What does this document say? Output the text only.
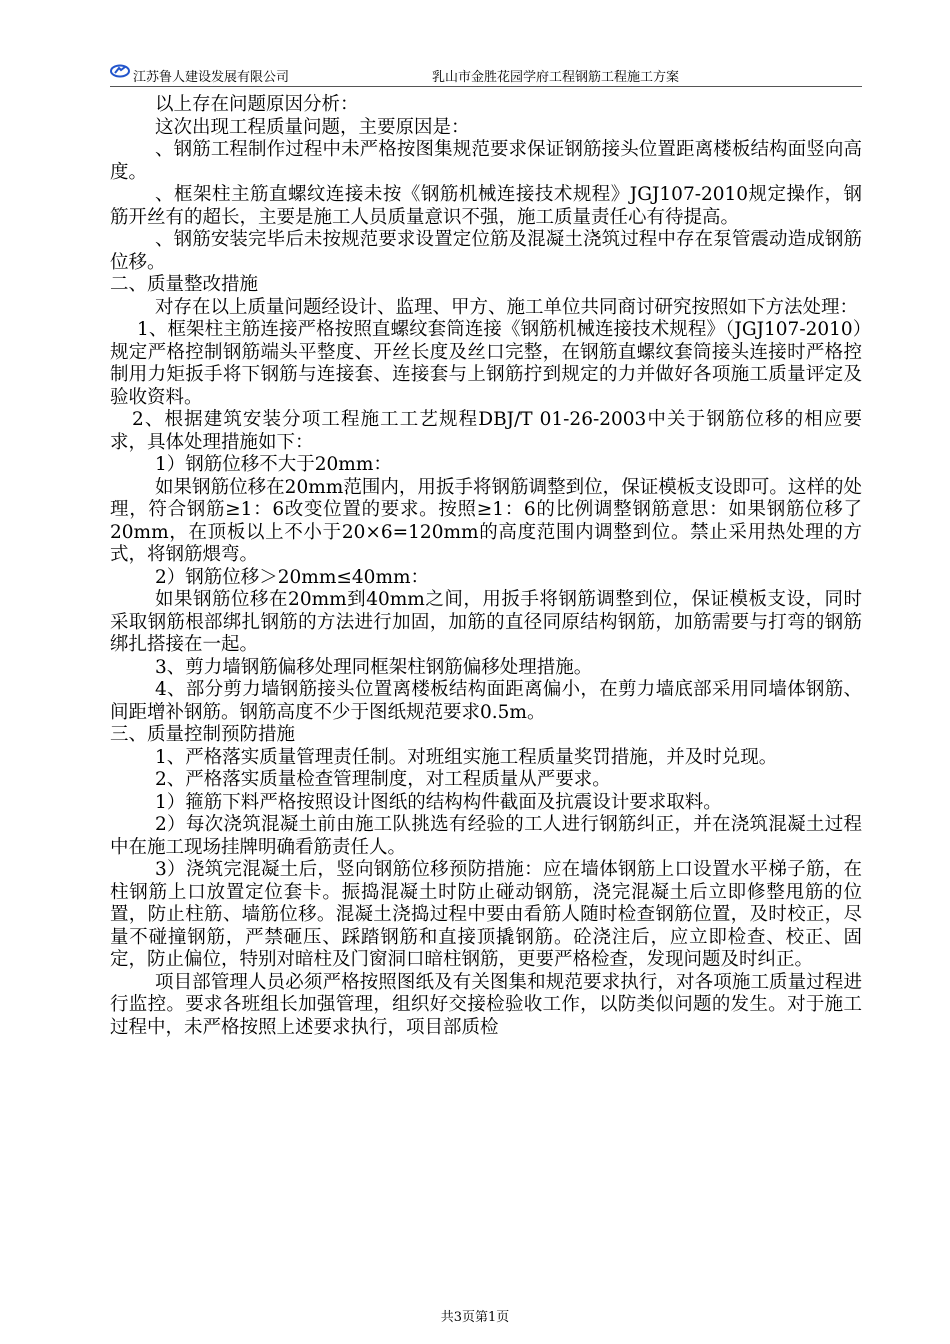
江苏鲁人建设发展有限公司	乳山市金胜花园学府工程钢筋工程施工方案

以上存在问题原因分析：

这次出现工程质量问题，主要原因是：

、钢筋工程制作过程中未严格按图集规范要求保证钢筋接头位置距离楼板结构面竖向高度。

、框架柱主筋直螺纹连接未按《钢筋机械连接技术规程》JGJ107-2010规定操作，钢筋开丝有的超长，主要是施工人员质量意识不强，施工质量责任心有待提高。

、钢筋安装完毕后未按规范要求设置定位筋及混凝土浇筑过程中存在泵管震动造成钢筋位移。

二、质量整改措施

对存在以上质量问题经设计、监理、甲方、施工单位共同商讨研究按照如下方法处理：

1、框架柱主筋连接严格按照直螺纹套筒连接《钢筋机械连接技术规程》（JGJ107-2010）规定严格控制钢筋端头平整度、开丝长度及丝口完整，在钢筋直螺纹套筒接头连接时严格控制用力矩扳手将下钢筋与连接套、连接套与上钢筋拧到规定的力并做好各项施工质量评定及验收资料。

2、根据建筑安装分项工程施工工艺规程DBJ/T 01-26-2003中关于钢筋位移的相应要求，具体处理措施如下：

1）钢筋位移不大于20mm：

如果钢筋位移在20mm范围内，用扳手将钢筋调整到位，保证模板支设即可。这样的处理，符合钢筋≥1：6改变位置的要求。按照≥1：6的比例调整钢筋意思：如果钢筋位移了20mm，在顶板以上不小于20×6=120mm的高度范围内调整到位。禁止采用热处理的方式，将钢筋煨弯。

2）钢筋位移＞20mm≤40mm：

如果钢筋位移在20mm到40mm之间，用扳手将钢筋调整到位，保证模板支设，同时采取钢筋根部绑扎钢筋的方法进行加固，加筋的直径同原结构钢筋，加筋需要与打弯的钢筋绑扎搭接在一起。

3、剪力墙钢筋偏移处理同框架柱钢筋偏移处理措施。

4、部分剪力墙钢筋接头位置离楼板结构面距离偏小，在剪力墙底部采用同墙体钢筋、间距增补钢筋。钢筋高度不少于图纸规范要求0.5m。

三、质量控制预防措施

1、严格落实质量管理责任制。对班组实施工程质量奖罚措施，并及时兑现。

2、严格落实质量检查管理制度，对工程质量从严要求。

1）箍筋下料严格按照设计图纸的结构构件截面及抗震设计要求取料。

2）每次浇筑混凝土前由施工队挑选有经验的工人进行钢筋纠正，并在浇筑混凝土过程中在施工现场挂牌明确看筋责任人。

3）浇筑完混凝土后，竖向钢筋位移预防措施：应在墙体钢筋上口设置水平梯子筋，在柱钢筋上口放置定位套卡。振捣混凝土时防止碰动钢筋，浇完混凝土后立即修整甩筋的位置，防止柱筋、墙筋位移。混凝土浇捣过程中要由看筋人随时检查钢筋位置，及时校正，尽量不碰撞钢筋，严禁砸压、踩踏钢筋和直接顶撬钢筋。砼浇注后，应立即检查、校正、固定，防止偏位，特别对暗柱及门窗洞口暗柱钢筋，更要严格检查，发现问题及时纠正。

项目部管理人员必须严格按照图纸及有关图集和规范要求执行，对各项施工质量过程进行监控。要求各班组长加强管理，组织好交接检验收工作，以防类似问题的发生。对于施工过程中，未严格按照上述要求执行，项目部质检

共3页第1页
